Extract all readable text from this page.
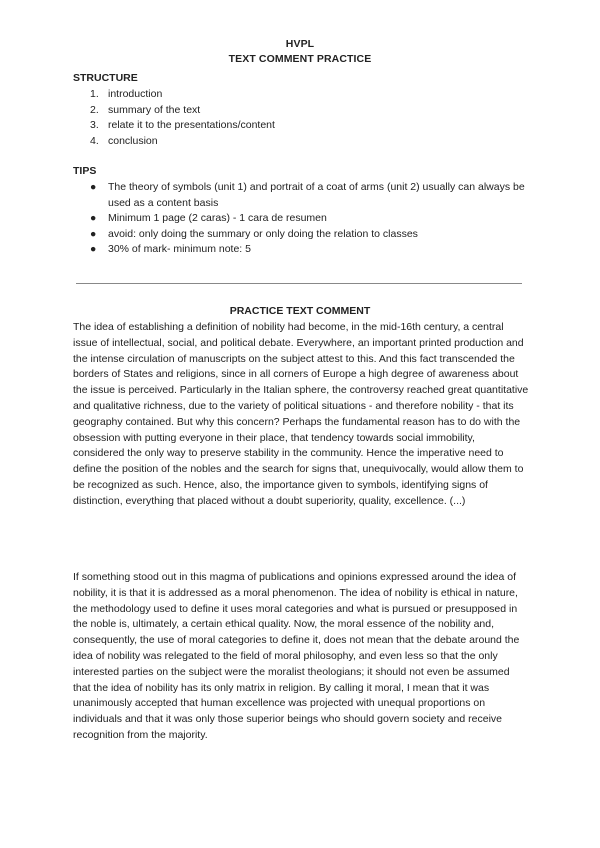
HVPL
TEXT COMMENT PRACTICE
STRUCTURE
1. introduction
2. summary of the text
3. relate it to the presentations/content
4. conclusion
TIPS
● The theory of symbols (unit 1) and portrait of a coat of arms (unit 2) usually can always be used as a content basis
● Minimum 1 page (2 caras) - 1 cara de resumen
● avoid: only doing the summary or only doing the relation to classes
● 30% of mark- minimum note: 5
PRACTICE TEXT COMMENT

The idea of establishing a definition of nobility had become, in the mid-16th century, a central issue of intellectual, social, and political debate. Everywhere, an important printed production and the intense circulation of manuscripts on the subject attest to this. And this fact transcended the borders of States and religions, since in all corners of Europe a high degree of awareness about the issue is perceived. Particularly in the Italian sphere, the controversy reached great quantitative and qualitative richness, due to the variety of political situations - and therefore nobility - that its geography contained. But why this concern? Perhaps the fundamental reason has to do with the obsession with putting everyone in their place, that tendency towards social immobility, considered the only way to preserve stability in the community. Hence the imperative need to define the position of the nobles and the search for signs that, unequivocally, would allow them to be recognized as such. Hence, also, the importance given to symbols, identifying signs of distinction, everything that placed without a doubt superiority, quality, excellence. (...)

If something stood out in this magma of publications and opinions expressed around the idea of nobility, it is that it is addressed as a moral phenomenon. The idea of nobility is ethical in nature, the methodology used to define it uses moral categories and what is pursued or presupposed in the noble is, ultimately, a certain ethical quality. Now, the moral essence of the nobility and, consequently, the use of moral categories to define it, does not mean that the debate around the idea of nobility was relegated to the field of moral philosophy, and even less so that the only interested parties on the subject were the moralist theologians; it should not even be assumed that the idea of nobility has its only matrix in religion. By calling it moral, I mean that it was unanimously accepted that human excellence was projected with unequal proportions on individuals and that it was only those superior beings who should govern society and receive recognition from the majority.
